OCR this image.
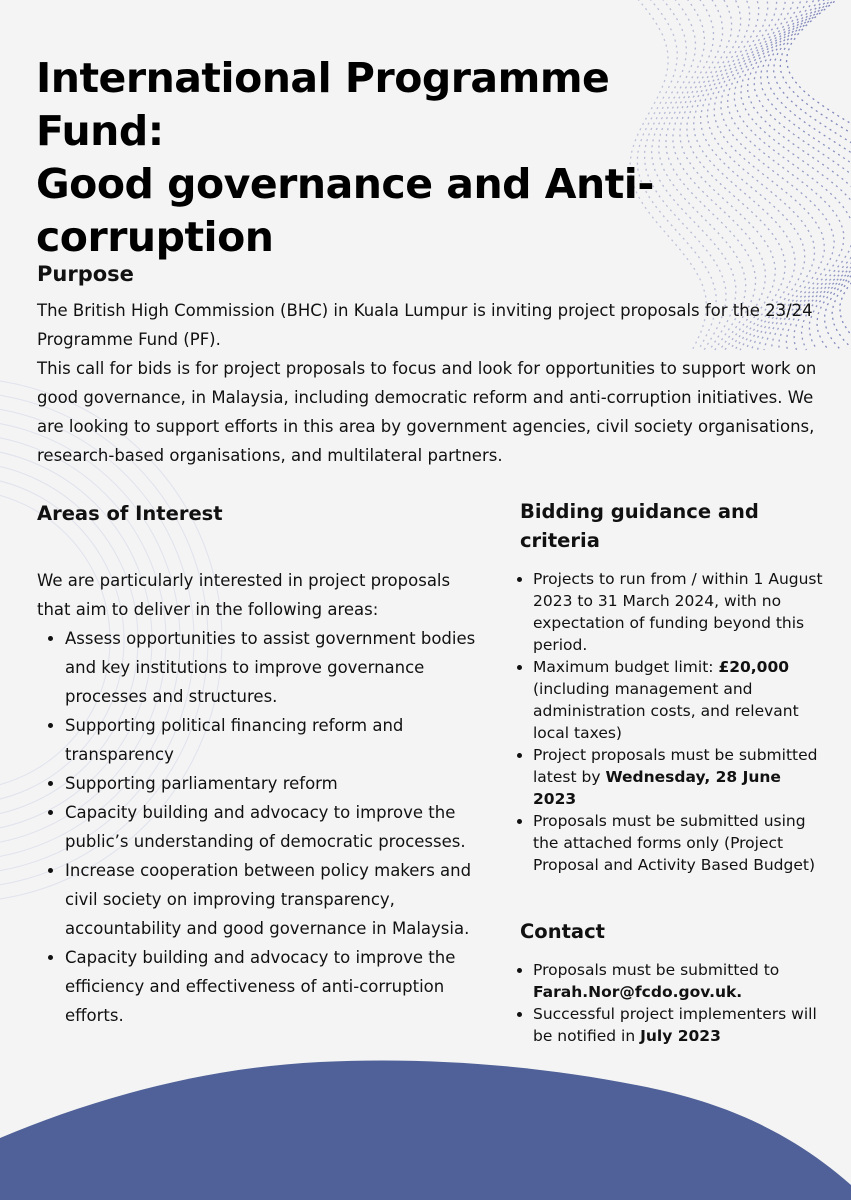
International Programme Fund:
Good governance and Anti-
corruption
Purpose

The British High Commission (BHC) in Kuala Lumpur is inviting project proposals for the 23/24 Programme Fund (PF).

This call for bids is for project proposals to focus and look for opportunities to support work on good governance, in Malaysia, including democratic reform and anti-corruption initiatives. We are looking to support efforts in this area by government agencies, civil society organisations, research-based organisations, and multilateral partners.

Areas of Interest

We are particularly interested in project proposals that aim to deliver in the following areas:

• Assess opportunities to assist government bodies and key institutions to improve governance processes and structures.
• Supporting political financing reform and transparency
• Supporting parliamentary reform
• Capacity building and advocacy to improve the public’s understanding of democratic processes.
• Increase cooperation between policy makers and civil society on improving transparency, accountability and good governance in Malaysia.
• Capacity building and advocacy to improve the efficiency and effectiveness of anti-corruption efforts.
Bidding guidance and criteria
• Projects to run from / within 1 August 2023 to 31 March 2024, with no expectation of funding beyond this period.
• Maximum budget limit: £20,000 (including management and administration costs, and relevant local taxes)
• Project proposals must be submitted latest by Wednesday, 28 June 2023
• Proposals must be submitted using the attached forms only (Project Proposal and Activity Based Budget)
Contact
• Proposals must be submitted to Farah.Nor@fcdo.gov.uk.
• Successful project implementers will be notified in July 2023
